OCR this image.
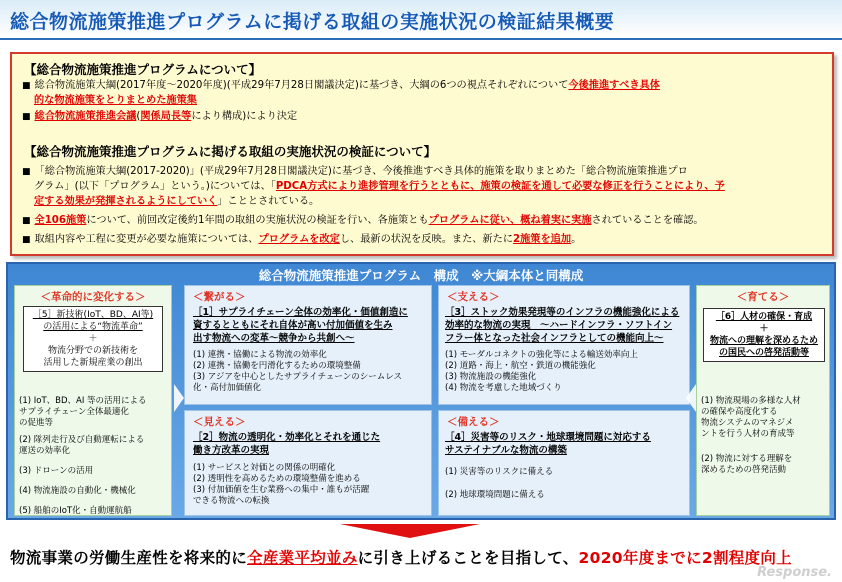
総合物流施策推進プログラムに掲げる取組の実施状況の検証結果概要
【総合物流施策推進プログラムについて】
■ 総合物流施策大綱(2017年度～2020年度)(平成29年7月28日閣議決定)に基づき、大綱の6つの視点それぞれについて今後推進すべき具体
的な物流施策をとりまとめた施策集
■ 総合物流施策推進会議(関係局長等により構成)により決定
【総合物流施策推進プログラムに掲げる取組の実施状況の検証について】
■ 「総合物流施策大綱(2017-2020)」(平成29年7月28日閣議決定)に基づき、今後推進すべき具体的施策を取りまとめた「総合物流施策推進プロ
グラム」(以下「プログラム」という。)については、「PDCA方式により進捗管理を行うとともに、施策の検証を通して必要な修正を行うことにより、予
定する効果が発揮されるようにしていく」こととされている。
■ 全106施策について、前回改定後約1年間の取組の実施状況の検証を行い、各施策ともプログラムに従い、概ね着実に実施されていることを確認。
■ 取組内容や工程に変更が必要な施策については、プログラムを改定し、最新の状況を反映。また、新たに2施策を追加。
総合物流施策推進プログラム　構成　※大綱本体と同構成
＜革命的に変化する＞
［5］新技術(IoT、BD、AI等)
の活用による“物流革命”
＋
物流分野での新技術を
活用した新規産業の創出
(1) IoT、BD、AI 等の活用による
サプライチェーン全体最適化
の促進等
(2) 隊列走行及び自動運転による
運送の効率化
(3) ドローンの活用
(4) 物流施設の自動化・機械化
(5) 船舶のIoT化・自動運航船
＜繋がる＞
［1］サプライチェーン全体の効率化・価値創造に
資するとともにそれ自体が高い付加価値を生み
出す物流への変革～競争から共創へ～
(1) 連携・協働による物流の効率化
(2) 連携・協働を円滑化するための環境整備
(3) アジアを中心としたサプライチェーンのシームレス
化・高付加価値化
＜支える＞
［3］ストック効果発現等のインフラの機能強化による
効率的な物流の実現　～ハードインフラ・ソフトイン
フラー体となった社会インフラとしての機能向上～
(1) モーダルコネクトの強化等による輸送効率向上
(2) 道路・海上・航空・鉄道の機能強化
(3) 物流施設の機能強化
(4) 物流を考慮した地域づくり
＜見える＞
［2］物流の透明化・効率化とそれを通じた
働き方改革の実現
(1) サービスと対価との関係の明確化
(2) 透明性を高めるための環境整備を進める
(3) 付加価値を生む業務への集中・誰もが活躍
できる物流への転換
＜備える＞
［4］災害等のリスク・地球環境問題に対応する
サステイナブルな物流の構築
(1) 災害等のリスクに備える
(2) 地球環境問題に備える
＜育てる＞
［6］人材の確保・育成
＋
物流への理解を深めるため
の国民への啓発活動等
(1) 物流現場の多様な人材
の確保や高度化する
物流システムのマネジメ
ントを行う人材の育成等
(2) 物流に対する理解を
深めるための啓発活動
物流事業の労働生産性を将来的に全産業平均並みに引き上げることを目指して、2020年度までに2割程度向上
Response.
